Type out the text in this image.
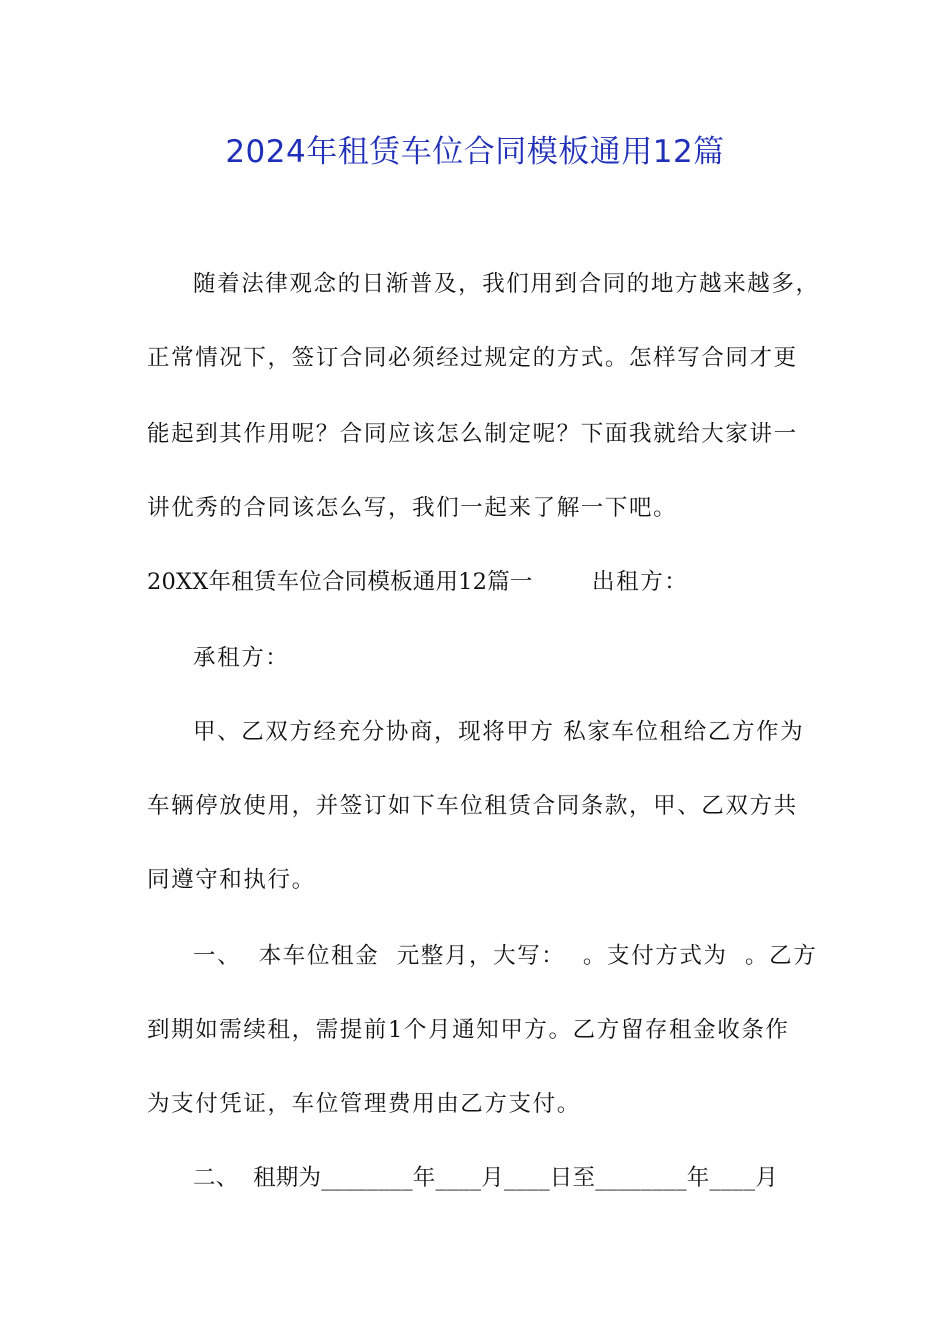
2024年租赁车位合同模板通用12篇
随着法律观念的日渐普及，我们用到合同的地方越来越多，
正常情况下，签订合同必须经过规定的方式。怎样写合同才更
能起到其作用呢？合同应该怎么制定呢？下面我就给大家讲一
讲优秀的合同该怎么写，我们一起来了解一下吧。
20XX年租赁车位合同模板通用12篇一	出租方：
承租方：
甲、乙双方经充分协商，现将甲方 私家车位租给乙方作为
车辆停放使用，并签订如下车位租赁合同条款，甲、乙双方共
同遵守和执行。
一、  本车位租金  元整月，大写：  。支付方式为  。乙方
到期如需续租，需提前1个月通知甲方。乙方留存租金收条作
为支付凭证，车位管理费用由乙方支付。
二、  租期为________年____月____日至________年____月
